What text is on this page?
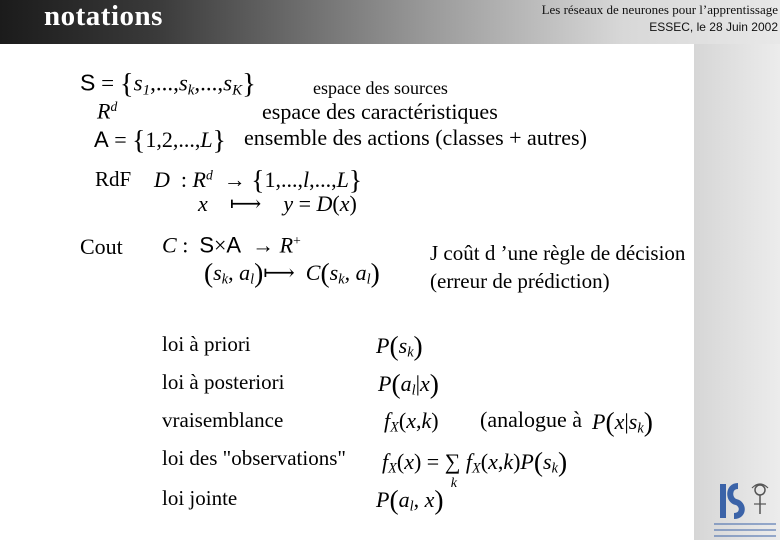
notations	Les réseaux de neurones pour l’apprentissage
ESSEC, le 28 Juin 2002
$S = \{s_1,...,s_k,...,s_K\}$	espace des sources
$R^d$	espace des caractéristiques
A = {1,2,...,L} ensemble des actions (classes + autres)
RdF D  : $R^d \to \{1,...,l,...,L\}$
x    ⟼    y = D(x)
Cout C :  S×A  → R+
($s_k$, $a_l)⟼$  $C(s_k$, $a_l$)
J coût d ’une règle de décision
(erreur de prédiction)
loi à priori	$P(s_k)$
loi à posteriori	$P(a_l|x)$
vraisemblance	$f_X(x,k)$ (analogue à $P(x|s_k)$
loi des "observations" $f_X(x)$ = ∑
k
$f_X(x,k)P(s_k)$
loi jointe	$P(a_l$, x)
